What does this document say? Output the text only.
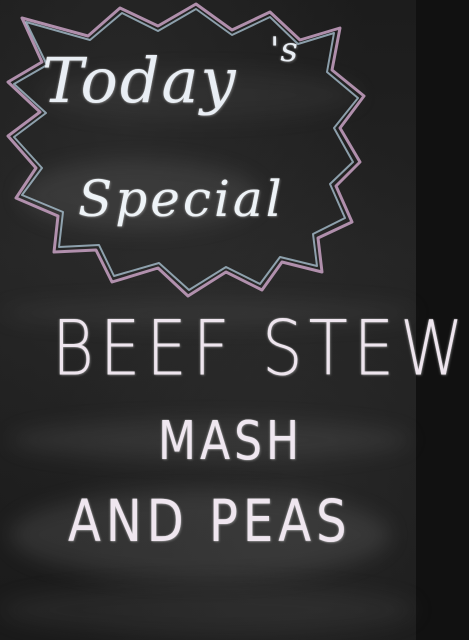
Today 's
Special
BEEF STEW
MASH
AND PEAS
